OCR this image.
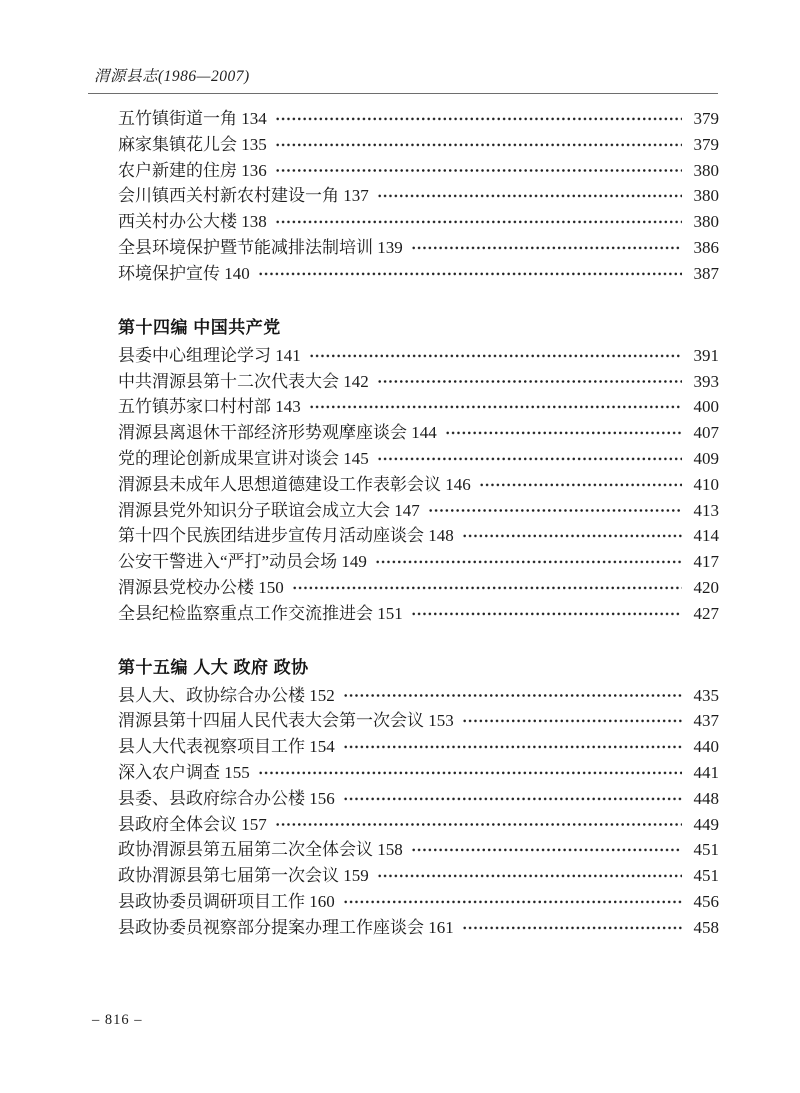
渭源县志(1986—2007)
五竹镇街道一角 134	379
麻家集镇花儿会 135	379
农户新建的住房 136	380
会川镇西关村新农村建设一角 137	380
西关村办公大楼 138	380
全县环境保护暨节能减排法制培训 139	386
环境保护宣传 140	387
第十四编 中国共产党
县委中心组理论学习 141	391
中共渭源县第十二次代表大会 142	393
五竹镇苏家口村村部 143	400
渭源县离退休干部经济形势观摩座谈会 144	407
党的理论创新成果宣讲对谈会 145	409
渭源县未成年人思想道德建设工作表彰会议 146	410
渭源县党外知识分子联谊会成立大会 147	413
第十四个民族团结进步宣传月活动座谈会 148	414
公安干警进入“严打”动员会场 149	417
渭源县党校办公楼 150	420
全县纪检监察重点工作交流推进会 151	427
第十五编 人大 政府 政协
县人大、政协综合办公楼 152	435
渭源县第十四届人民代表大会第一次会议 153	437
县人大代表视察项目工作 154	440
深入农户调查 155	441
县委、县政府综合办公楼 156	448
县政府全体会议 157	449
政协渭源县第五届第二次全体会议 158	451
政协渭源县第七届第一次会议 159	451
县政协委员调研项目工作 160	456
县政协委员视察部分提案办理工作座谈会 161	458
– 816 –
